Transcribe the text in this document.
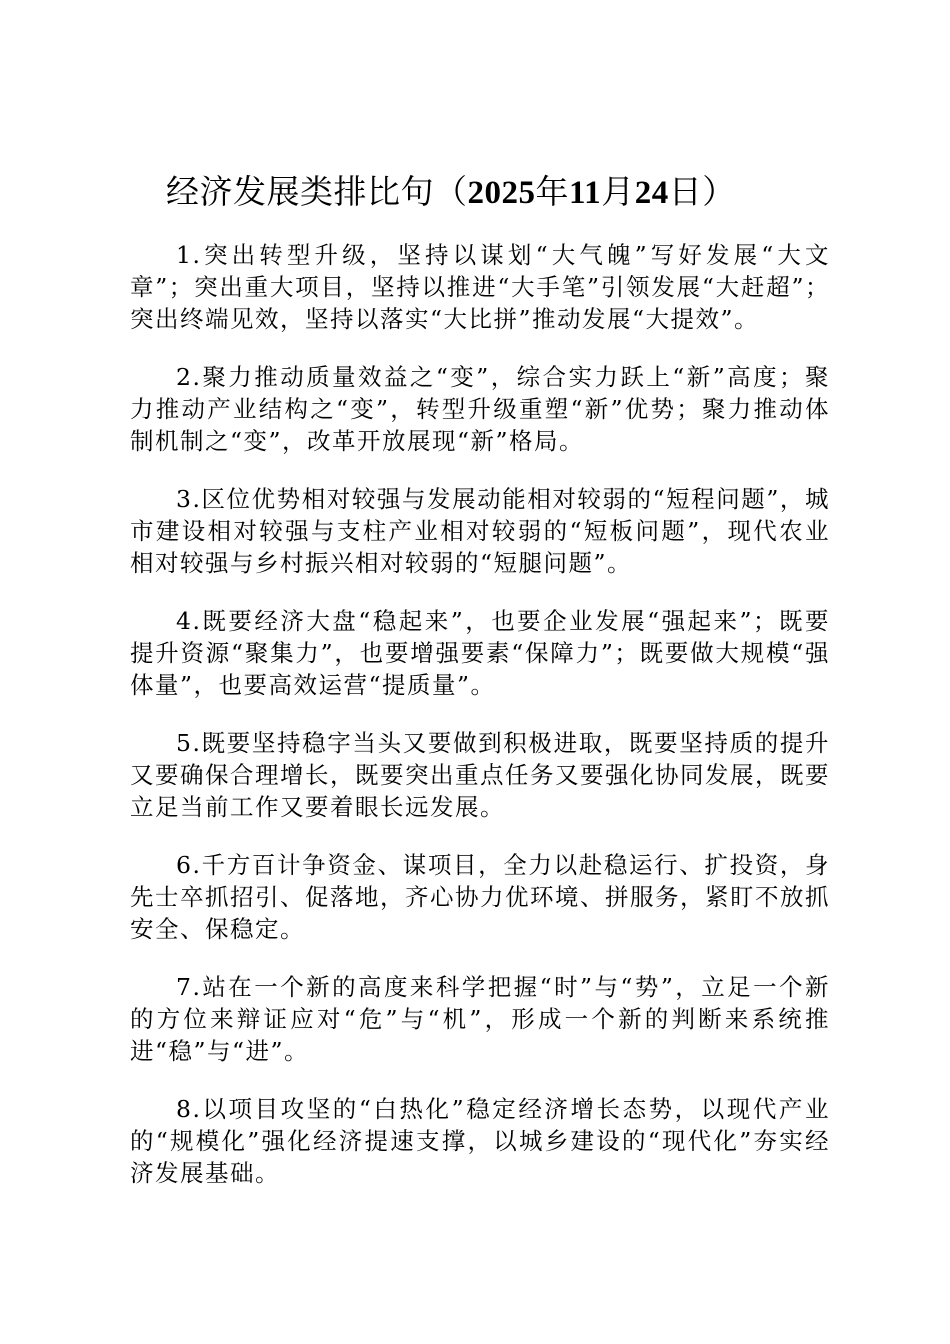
经济发展类排比句（2025年11月24日）

1.突出转型升级，坚持以谋划“大气魄”写好发展“大文章”；突出重大项目，坚持以推进“大手笔”引领发展“大赶超”；突出终端见效，坚持以落实“大比拼”推动发展“大提效”。

2.聚力推动质量效益之“变”，综合实力跃上“新”高度；聚力推动产业结构之“变”，转型升级重塑“新”优势；聚力推动体制机制之“变”，改革开放展现“新”格局。

3.区位优势相对较强与发展动能相对较弱的“短程问题”，城市建设相对较强与支柱产业相对较弱的“短板问题”，现代农业相对较强与乡村振兴相对较弱的“短腿问题”。

4.既要经济大盘“稳起来”，也要企业发展“强起来”；既要提升资源“聚集力”，也要增强要素“保障力”；既要做大规模“强体量”，也要高效运营“提质量”。

5.既要坚持稳字当头又要做到积极进取，既要坚持质的提升又要确保合理增长，既要突出重点任务又要强化协同发展，既要立足当前工作又要着眼长远发展。

6.千方百计争资金、谋项目，全力以赴稳运行、扩投资，身先士卒抓招引、促落地，齐心协力优环境、拼服务，紧盯不放抓安全、保稳定。

7.站在一个新的高度来科学把握“时”与“势”，立足一个新的方位来辩证应对“危”与“机”，形成一个新的判断来系统推进“稳”与“进”。

8.以项目攻坚的“白热化”稳定经济增长态势，以现代产业的“规模化”强化经济提速支撑，以城乡建设的“现代化”夯实经济发展基础。
